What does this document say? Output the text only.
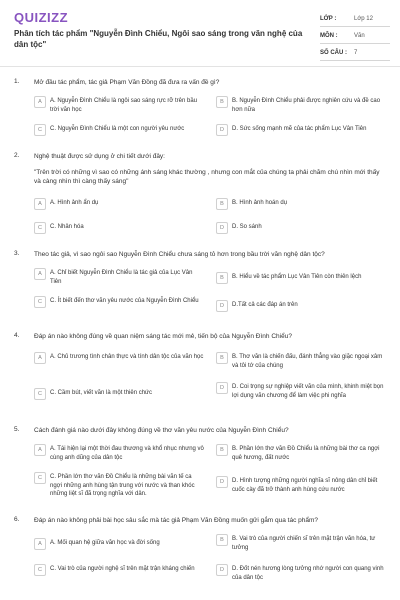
QUIZIZZ
Phân tích tác phẩm "Nguyễn Đình Chiểu, Ngôi sao sáng trong văn nghệ của dân tộc"
LỚP :	Lớp 12
MÔN :	Văn
SỐ CÂU :	7
1. Mở đầu tác phẩm, tác giả Phạm Văn Đồng đã đưa ra vấn đề gì?
A	A. Nguyễn Đình Chiểu là ngôi sao sáng rực rỡ trên bầu trời văn học
B	B. Nguyễn Đình Chiểu phải được nghiên cứu và đề cao hơn nữa
C	C. Nguyễn Đình Chiểu là một con người yêu nước	D	D. Sức sống mạnh mẽ của tác phẩm Lục Vân Tiên
2. Nghệ thuật được sử dụng ở chi tiết dưới đây:
"Trên trời có những vì sao có những ánh sáng khác thường , nhưng con mắt của chúng ta phải chăm chú nhìn mới thấy và càng nhìn thì càng thấy sáng"
A	A. Hình ảnh ẩn dụ	B	B. Hình ảnh hoán dụ
C	C. Nhân hóa	D	D. So sánh
3. Theo tác giả, vì sao ngôi sao Nguyễn Đình Chiểu chưa sáng tỏ hơn trong bầu trời văn nghệ dân tộc?
A	A. Chỉ biết Nguyễn Đình Chiểu là tác giả của Lục Vân Tiên
B	B. Hiểu về tác phẩm Lục Vân Tiên còn thiên lệch
C	C. Ít biết đến thơ văn yêu nước của Nguyễn Đình Chiểu
D	D.Tất cả các đáp án trên
4. Đáp án nào không đúng về quan niệm sáng tác mới mẻ, tiến bộ của Nguyễn Đình Chiểu?
A	A. Chủ trương tình chân thực và tính dân tộc của văn học	B	B. Thơ văn là chiến đấu, đánh thẳng vào giặc ngoại xâm và tôi tớ của chúng
C	C. Cầm bút, viết văn là một thiên chức
D	D. Coi trọng sự nghiệp viết văn của mình, khinh miệt bọn lợi dụng văn chương để làm việc phi nghĩa
5. Cách đánh giá nào dưới đây không đúng về thơ văn yêu nước của Nguyễn Đình Chiểu?
A	A. Tái hiện lại một thời đau thương và khổ nhục nhưng vô cùng anh dũng của dân tộc
B	B. Phần lớn thơ văn Đồ Chiểu là những bài thơ ca ngợi quê hương, đất nước
C	C. Phần lớn thơ văn Đồ Chiểu là những bài văn tế ca ngợi những anh hùng tận trung với nước và than khóc những liệt sĩ đã trọng nghĩa với dân.
D	D. Hình tượng những người nghĩa sĩ nông dân chỉ biết cuốc cày đã trở thành anh hùng cứu nước
6. Đáp án nào không phải bài học sâu sắc mà tác giả Phạm Văn Đồng muốn gửi gắm qua tác phẩm?
A	A. Mối quan hệ giữa văn học và đời sống	B	B. Vai trò của người chiến sĩ trên mặt trận văn hóa, tư tưởng
C	C. Vai trò của người nghệ sĩ trên mặt trận kháng chiến	D	D. Đốt nén hương lòng tưởng nhớ người con quang vinh của dân tộc
